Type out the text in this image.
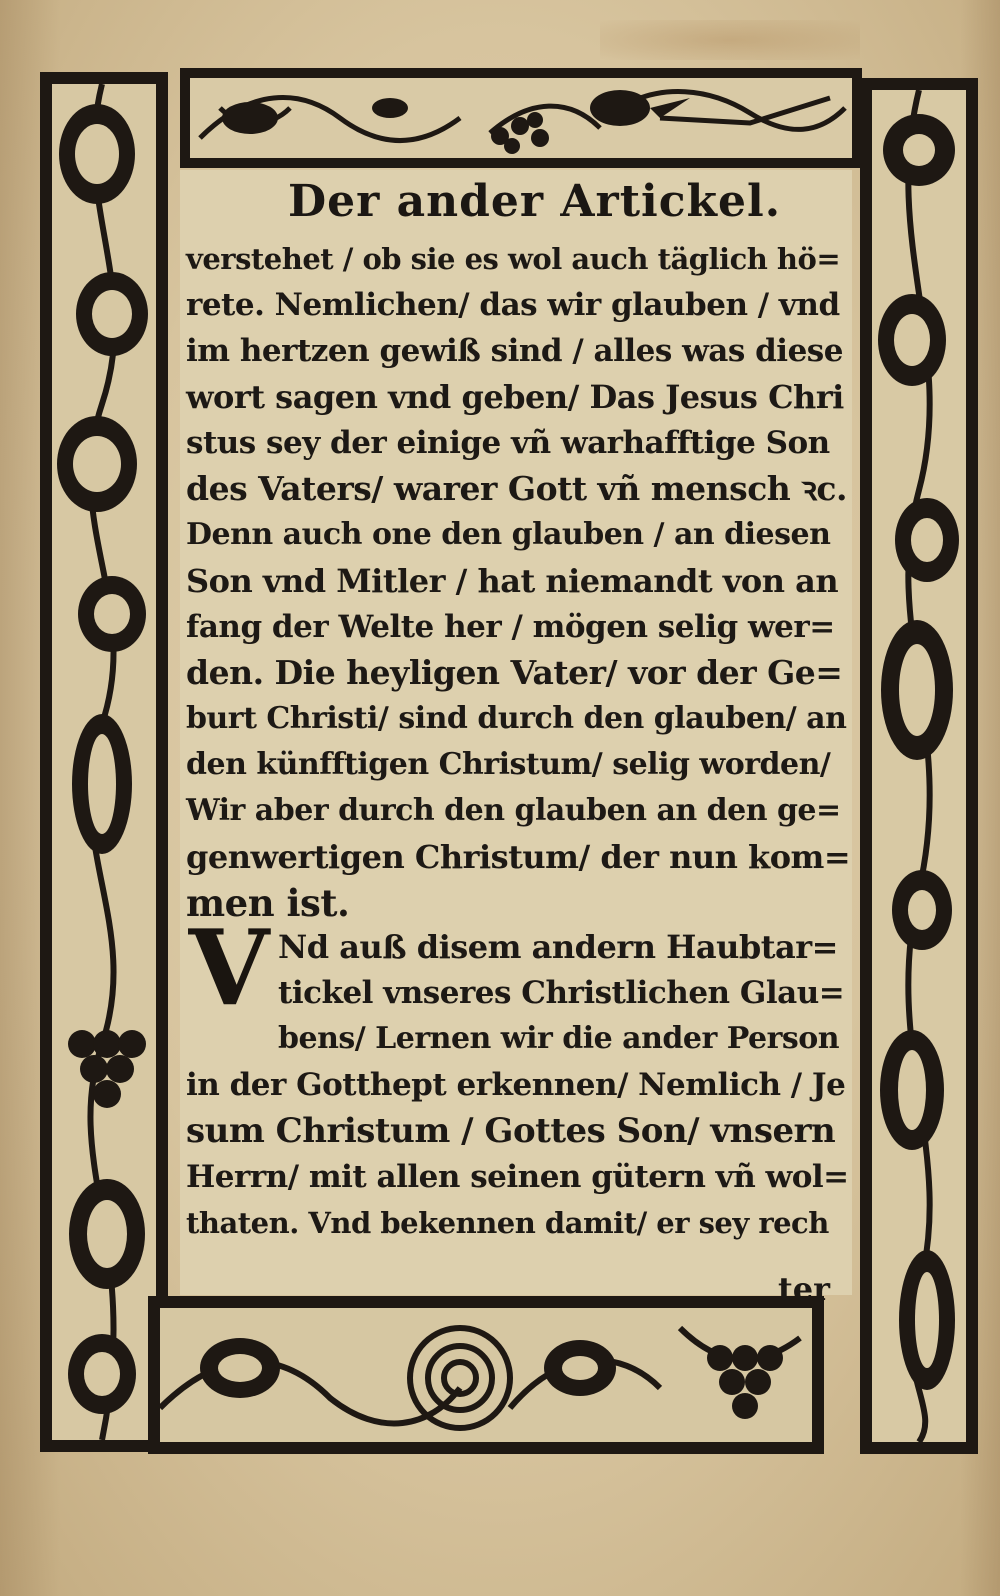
Der ander Artickel.
verstehet / ob sie es wol auch täglich hö=
rete. Nemlichen/ das wir glauben / vnd
im hertzen gewiß sind / alles was diese
wort sagen vnd geben/ Das Jesus Chri
stus sey der einige vñ warhafftige Son
des Vaters/ warer Gott vñ mensch ꝛc.
Denn auch one den glauben / an diesen
Son vnd Mitler / hat niemandt von an
fang der Welte her / mögen selig wer=
den. Die heyligen Vater/ vor der Ge=
burt Christi/ sind durch den glauben/ an
den künfftigen Christum/ selig worden/
Wir aber durch den glauben an den ge=
genwertigen Christum/ der nun kom=
men ist.
V Nd auß disem andern Haubtar=
tickel vnseres Christlichen Glau=
bens/ Lernen wir die ander Person
in der Gotthept erkennen/ Nemlich / Je
sum Christum / Gottes Son/ vnsern
Herrn/ mit allen seinen gütern vñ wol=
thaten. Vnd bekennen damit/ er sey rech
ter
